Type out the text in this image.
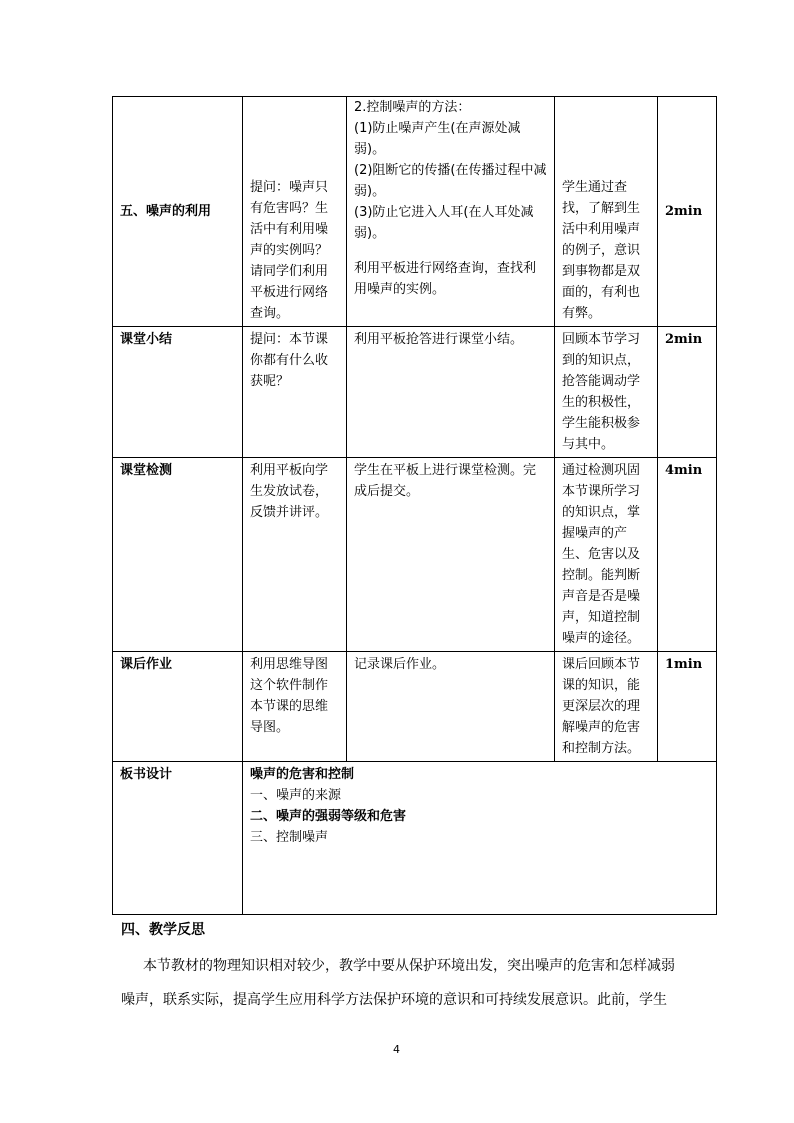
五、噪声的利用	提问：噪声只有危害吗？生活中有利用噪声的实例吗？请同学们利用平板进行网络查询。	2.控制噪声的方法：
(1)防止噪声产生(在声源处减弱)。
(2)阻断它的传播(在传播过程中减弱)。
(3)防止它进入人耳(在人耳处减弱)。
利用平板进行网络查询，查找利用噪声的实例。	学生通过查找，了解到生活中利用噪声的例子，意识到事物都是双面的，有利也有弊。	2min
课堂小结	提问：本节课你都有什么收获呢？	利用平板抢答进行课堂小结。	回顾本节学习到的知识点，抢答能调动学生的积极性，学生能积极参与其中。	2min
课堂检测	利用平板向学生发放试卷，反馈并讲评。	学生在平板上进行课堂检测。完成后提交。	通过检测巩固本节课所学习的知识点，掌握噪声的产生、危害以及控制。能判断声音是否是噪声，知道控制噪声的途径。	4min
课后作业	利用思维导图这个软件制作本节课的思维导图。	记录课后作业。	课后回顾本节课的知识，能更深层次的理解噪声的危害和控制方法。	1min
板书设计	噪声的危害和控制
一、噪声的来源
二、噪声的强弱等级和危害
三、控制噪声			
四、教学反思
本节教材的物理知识相对较少，教学中要从保护环境出发，突出噪声的危害和怎样减弱
噪声，联系实际，提高学生应用科学方法保护环境的意识和可持续发展意识。此前，学生
4
